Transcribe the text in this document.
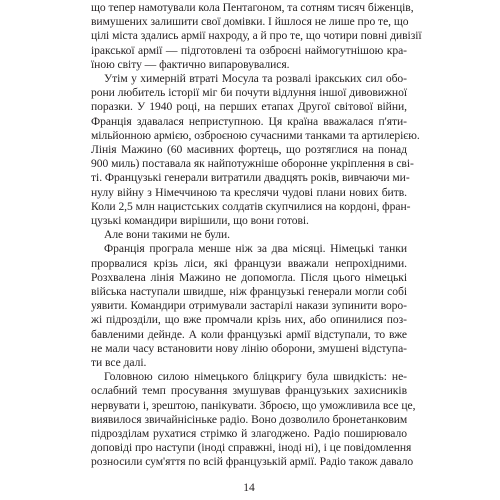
що тепер намотували кола Пентагоном, та сотням тисяч біженців,
вимушених залишити свої домівки. І йшлося не лише про те, що
цілі міста здались армії нахроду, а й про те, що чотири повні дивізії
іракської армії — підготовлені та озброєні наймогутнішою кра-
їною світу — фактично випаровувалися.
Утім у химерній втраті Мосула та розвалі іракських сил обо-
рони любитель історії міг би почути відлуння іншої дивовижної
поразки. У 1940 році, на перших етапах Другої світової війни,
Франція здавалася неприступною. Ця країна вважалася п'яти-
мільйонною армією, озброєною сучасними танками та артилерією.
Лінія Мажино (60 масивних фортець, що розтяглися на понад
900 миль) поставала як найпотужніше оборонне укріплення в сві-
ті. Французькі генерали витратили двадцять років, вивчаючи ми-
нулу війну з Німеччиною та креслячи чудові плани нових битв.
Коли 2,5 млн нацистських солдатів скупчилися на кордоні, фран-
цузькі командири вирішили, що вони готові.
Але вони такими не були.
Франція програла менше ніж за два місяці. Німецькі танки
прорвалися крізь ліси, які французи вважали непрохідними.
Розхвалена лінія Мажино не допомогла. Після цього німецькі
війська наступали швидше, ніж французькі генерали могли собі
уявити. Командири отримували застарілі накази зупинити воро-
жі підрозділи, що вже промчали крізь них, або опинилися поз-
бавленими дейнде. А коли французькі армії відступали, то вже
не мали часу встановити нову лінію оборони, змушені відступа-
ти все далі.
Головною силою німецького бліцкригу була швидкість: не-
ослабний темп просування змушував французьких захисників
нервувати і, зрештою, панікувати. Зброєю, що уможливила все це,
виявилося звичайнісіньке радіо. Воно дозволило бронетанковим
підрозділам рухатися стрімко й злагоджено. Радіо поширювало
доповіді про наступи (іноді справжні, іноді ні), і це повідомлення
розносили сум'яття по всій французькій армії. Радіо також давало
14
